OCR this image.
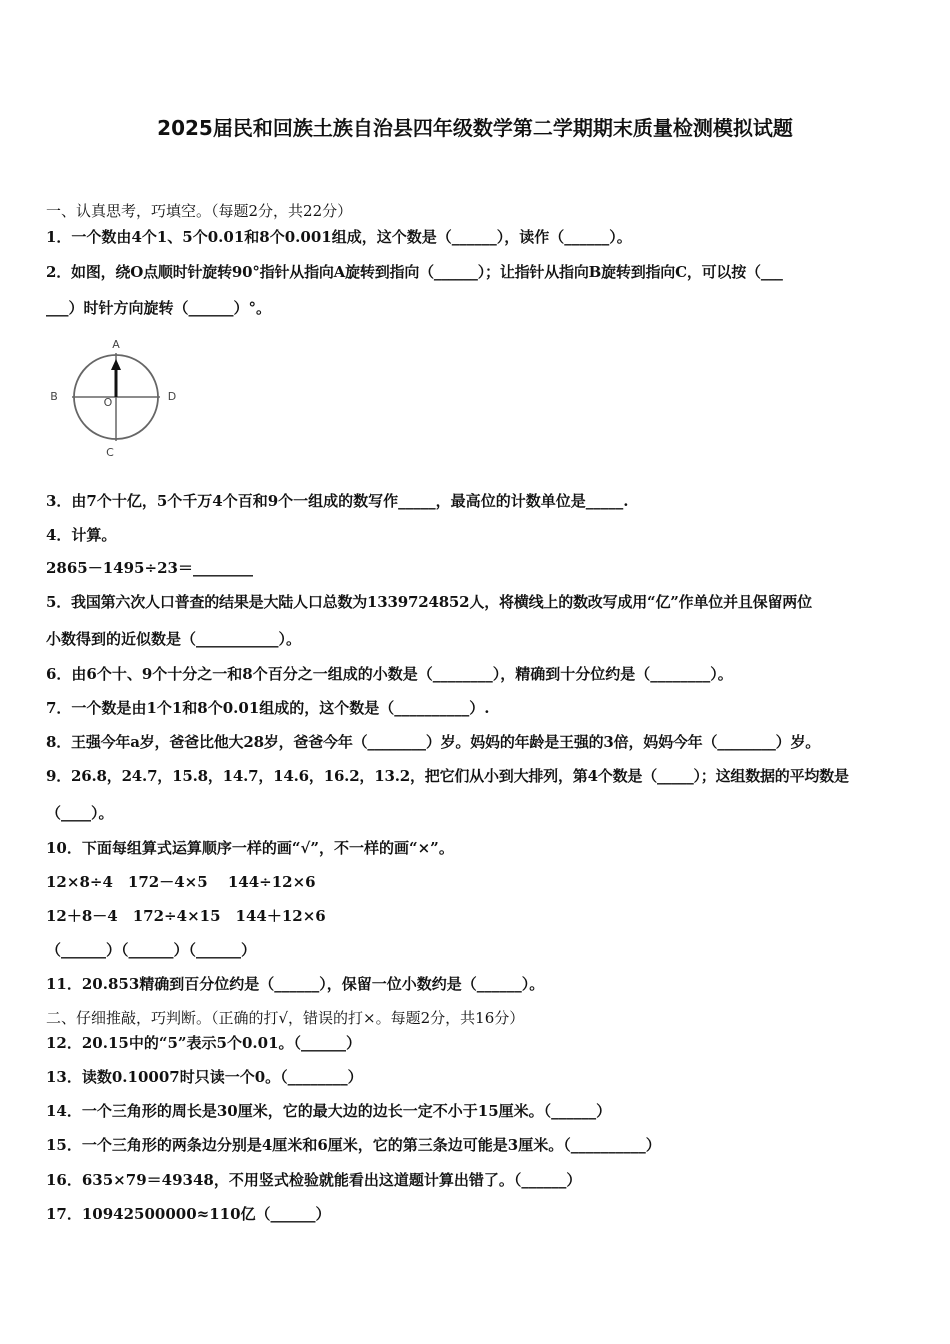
2025届民和回族土族自治县四年级数学第二学期期末质量检测模拟试题
一、认真思考，巧填空。（每题2分，共22分）
1．一个数由4个1、5个0.01和8个0.001组成，这个数是（______），读作（______）。
2．如图，绕O点顺时针旋转90°指针从指向A旋转到指向（______）；让指针从指向B旋转到指向C，可以按（___
___）时针方向旋转（______）°。
A
B
C
D
O
3．由7个十亿，5个千万4个百和9个一组成的数写作_____，最高位的计数单位是_____.
4．计算。
2865－1495÷23＝________
5．我国第六次人口普查的结果是大陆人口总数为1339724852人，将横线上的数改写成用“亿”作单位并且保留两位
小数得到的近似数是（___________）。
6．由6个十、9个十分之一和8个百分之一组成的小数是（________），精确到十分位约是（________）。
7．一个数是由1个1和8个0.01组成的，这个数是（__________）.
8．王强今年a岁，爸爸比他大28岁，爸爸今年（________）岁。妈妈的年龄是王强的3倍，妈妈今年（________）岁。
9．26.8，24.7，15.8，14.7，14.6，16.2，13.2，把它们从小到大排列，第4个数是（_____）；这组数据的平均数是
（____）。
10．下面每组算式运算顺序一样的画“√”，不一样的画“×”。
12×8÷4　172－4×5　 144÷12×6
12＋8－4　172÷4×15　144＋12×6
（______）（______）（______）
11．20.853精确到百分位约是（______），保留一位小数约是（______）。
二、仔细推敲，巧判断。（正确的打√，错误的打×。每题2分，共16分）
12．20.15中的“5”表示5个0.01。（______）
13．读数0.10007时只读一个0。（________）
14．一个三角形的周长是30厘米，它的最大边的边长一定不小于15厘米。（______）
15．一个三角形的两条边分别是4厘米和6厘米，它的第三条边可能是3厘米。（__________）
16．635×79＝49348，不用竖式检验就能看出这道题计算出错了。（______）
17．10942500000≈110亿（______）
